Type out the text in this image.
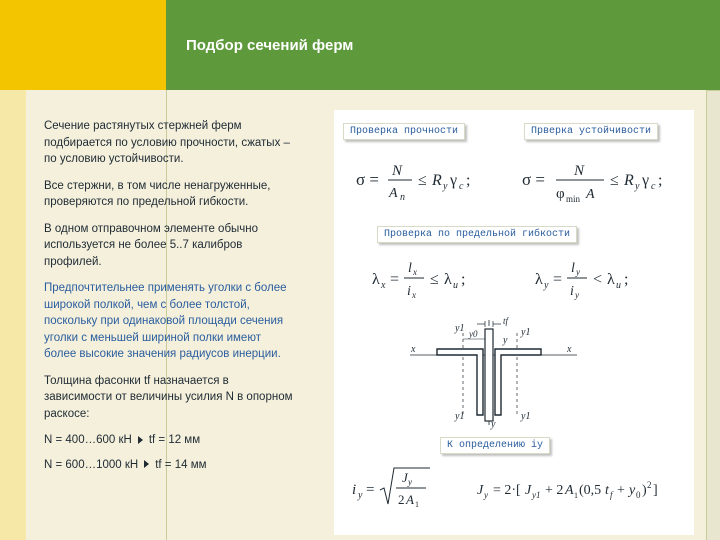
Подбор сечений ферм

Сечение растянутых стержней ферм подбирается по условию прочности, сжатых – по условию устойчивости.

Все стержни, в том числе ненагруженные, проверяются по предельной гибкости.

В одном отправочном элементе обычно используется не более 5..7 калибров профилей.

Предпочтительнее применять уголки с более широкой полкой, чем с более толстой, поскольку при одинаковой площади сечения уголки с меньшей шириной полки имеют более высокие значения радиусов инерции.

Толщина фасонки tf назначается в зависимости от величины усилия N в опорном раскосе:

N = 400…600 кН tf = 12 мм
N = 600…1000 кН tf = 14 мм
Проверка прочности	Прверка устойчивости
Проверка по предельной гибкости
К определению iy
σ = N
A n
≤ R y γ c ;	σ = N
φ min A
≤ R y γ c ;
λ x =
l x
i x
≤ λ u ;	λ y =
l y
i y
< λ u ;
x	x
y
y
y1	y1
y1	y1
y0
tf
i y =
J y
2 A 1
J y = 2·[ J y1 + 2 A 1 (0,5 t f + y 0 ) 2 ]
